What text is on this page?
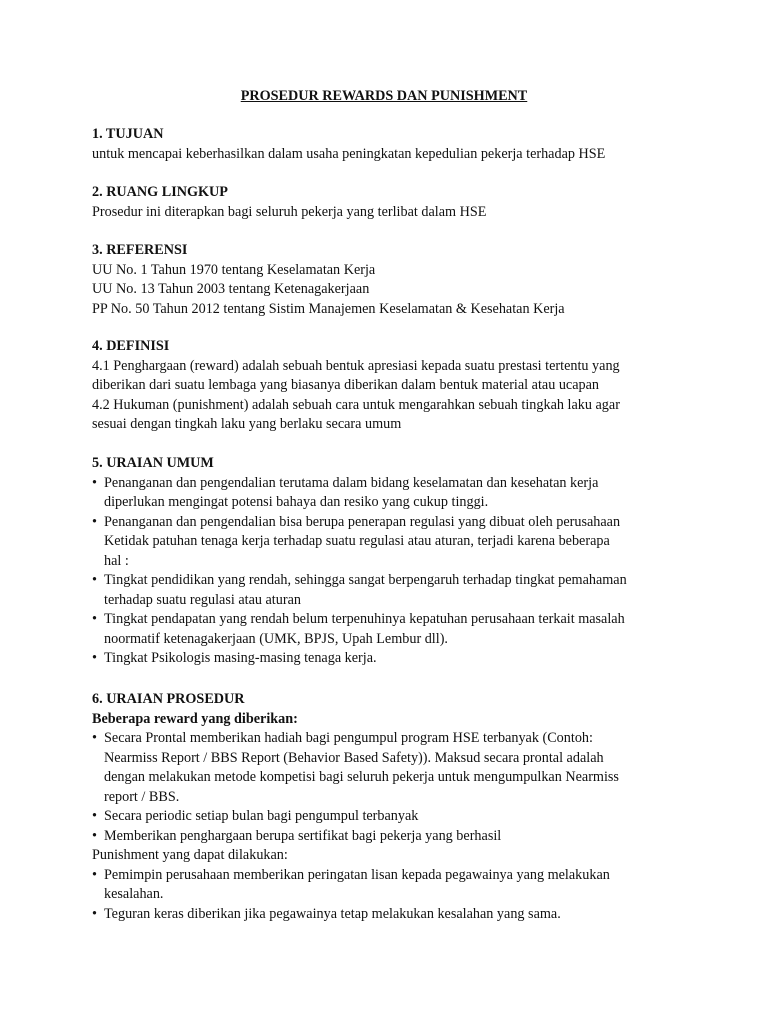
PROSEDUR REWARDS DAN PUNISHMENT
1. TUJUAN
untuk mencapai keberhasilkan dalam usaha peningkatan kepedulian pekerja terhadap HSE
2. RUANG LINGKUP
Prosedur ini diterapkan bagi seluruh pekerja yang terlibat dalam HSE
3. REFERENSI
UU No. 1 Tahun 1970 tentang Keselamatan Kerja
UU No. 13 Tahun 2003 tentang Ketenagakerjaan
PP No. 50 Tahun 2012 tentang Sistim Manajemen Keselamatan & Kesehatan Kerja
4. DEFINISI
4.1 Penghargaan (reward) adalah sebuah bentuk apresiasi kepada suatu prestasi tertentu yang
diberikan dari suatu lembaga yang biasanya diberikan dalam bentuk material atau ucapan
4.2 Hukuman (punishment) adalah sebuah cara untuk mengarahkan sebuah tingkah laku agar
sesuai dengan tingkah laku yang berlaku secara umum
5. URAIAN UMUM
• Penanganan dan pengendalian terutama dalam bidang keselamatan dan kesehatan kerja
diperlukan mengingat potensi bahaya dan resiko yang cukup tinggi.
• Penanganan dan pengendalian bisa berupa penerapan regulasi yang dibuat oleh perusahaan
Ketidak patuhan tenaga kerja terhadap suatu regulasi atau aturan, terjadi karena beberapa
hal :
• Tingkat pendidikan yang rendah, sehingga sangat berpengaruh terhadap tingkat pemahaman
terhadap suatu regulasi atau aturan
• Tingkat pendapatan yang rendah belum terpenuhinya kepatuhan perusahaan terkait masalah
noormatif ketenagakerjaan (UMK, BPJS, Upah Lembur dll).
• Tingkat Psikologis masing-masing tenaga kerja.
6. URAIAN PROSEDUR
Beberapa reward yang diberikan:
• Secara Prontal memberikan hadiah bagi pengumpul program HSE terbanyak (Contoh:
Nearmiss Report / BBS Report (Behavior Based Safety)). Maksud secara prontal adalah
dengan melakukan metode kompetisi bagi seluruh pekerja untuk mengumpulkan Nearmiss
report / BBS.
• Secara periodic setiap bulan bagi pengumpul terbanyak
• Memberikan penghargaan berupa sertifikat bagi pekerja yang berhasil
Punishment yang dapat dilakukan:
• Pemimpin perusahaan memberikan peringatan lisan kepada pegawainya yang melakukan
kesalahan.
• Teguran keras diberikan jika pegawainya tetap melakukan kesalahan yang sama.
